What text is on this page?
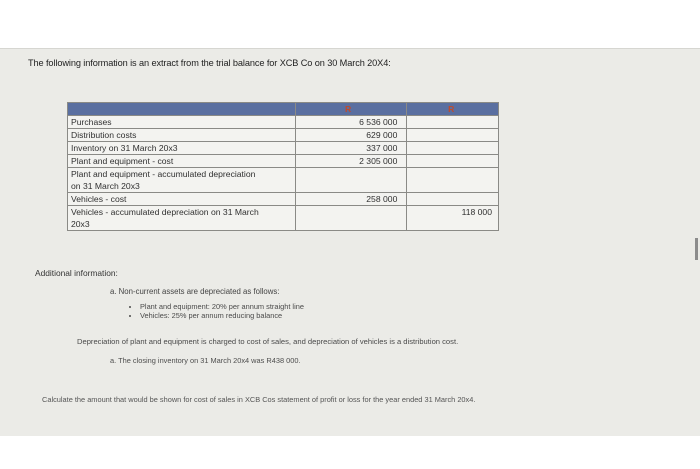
The following information is an extract from the trial balance for XCB Co on 30 March 20X4:
	R	R
Purchases	6 536 000	
Distribution costs	629 000	
Inventory on 31 March 20x3	337 000	
Plant and equipment - cost	2 305 000	
Plant and equipment - accumulated depreciation		
on 31 March 20x3		
Vehicles - cost	258 000	
Vehicles - accumulated depreciation on 31 March		118 000
20x3		
Additional information:
a. Non-current assets are depreciated as follows:
• Plant and equipment: 20% per annum straight line
• Vehicles: 25% per annum reducing balance
Depreciation of plant and equipment is charged to cost of sales, and depreciation of vehicles is a distribution cost.
a. The closing inventory on 31 March 20x4 was R438 000.
Calculate the amount that would be shown for cost of sales in XCB Cos statement of profit or loss for the year ended 31 March 20x4.
